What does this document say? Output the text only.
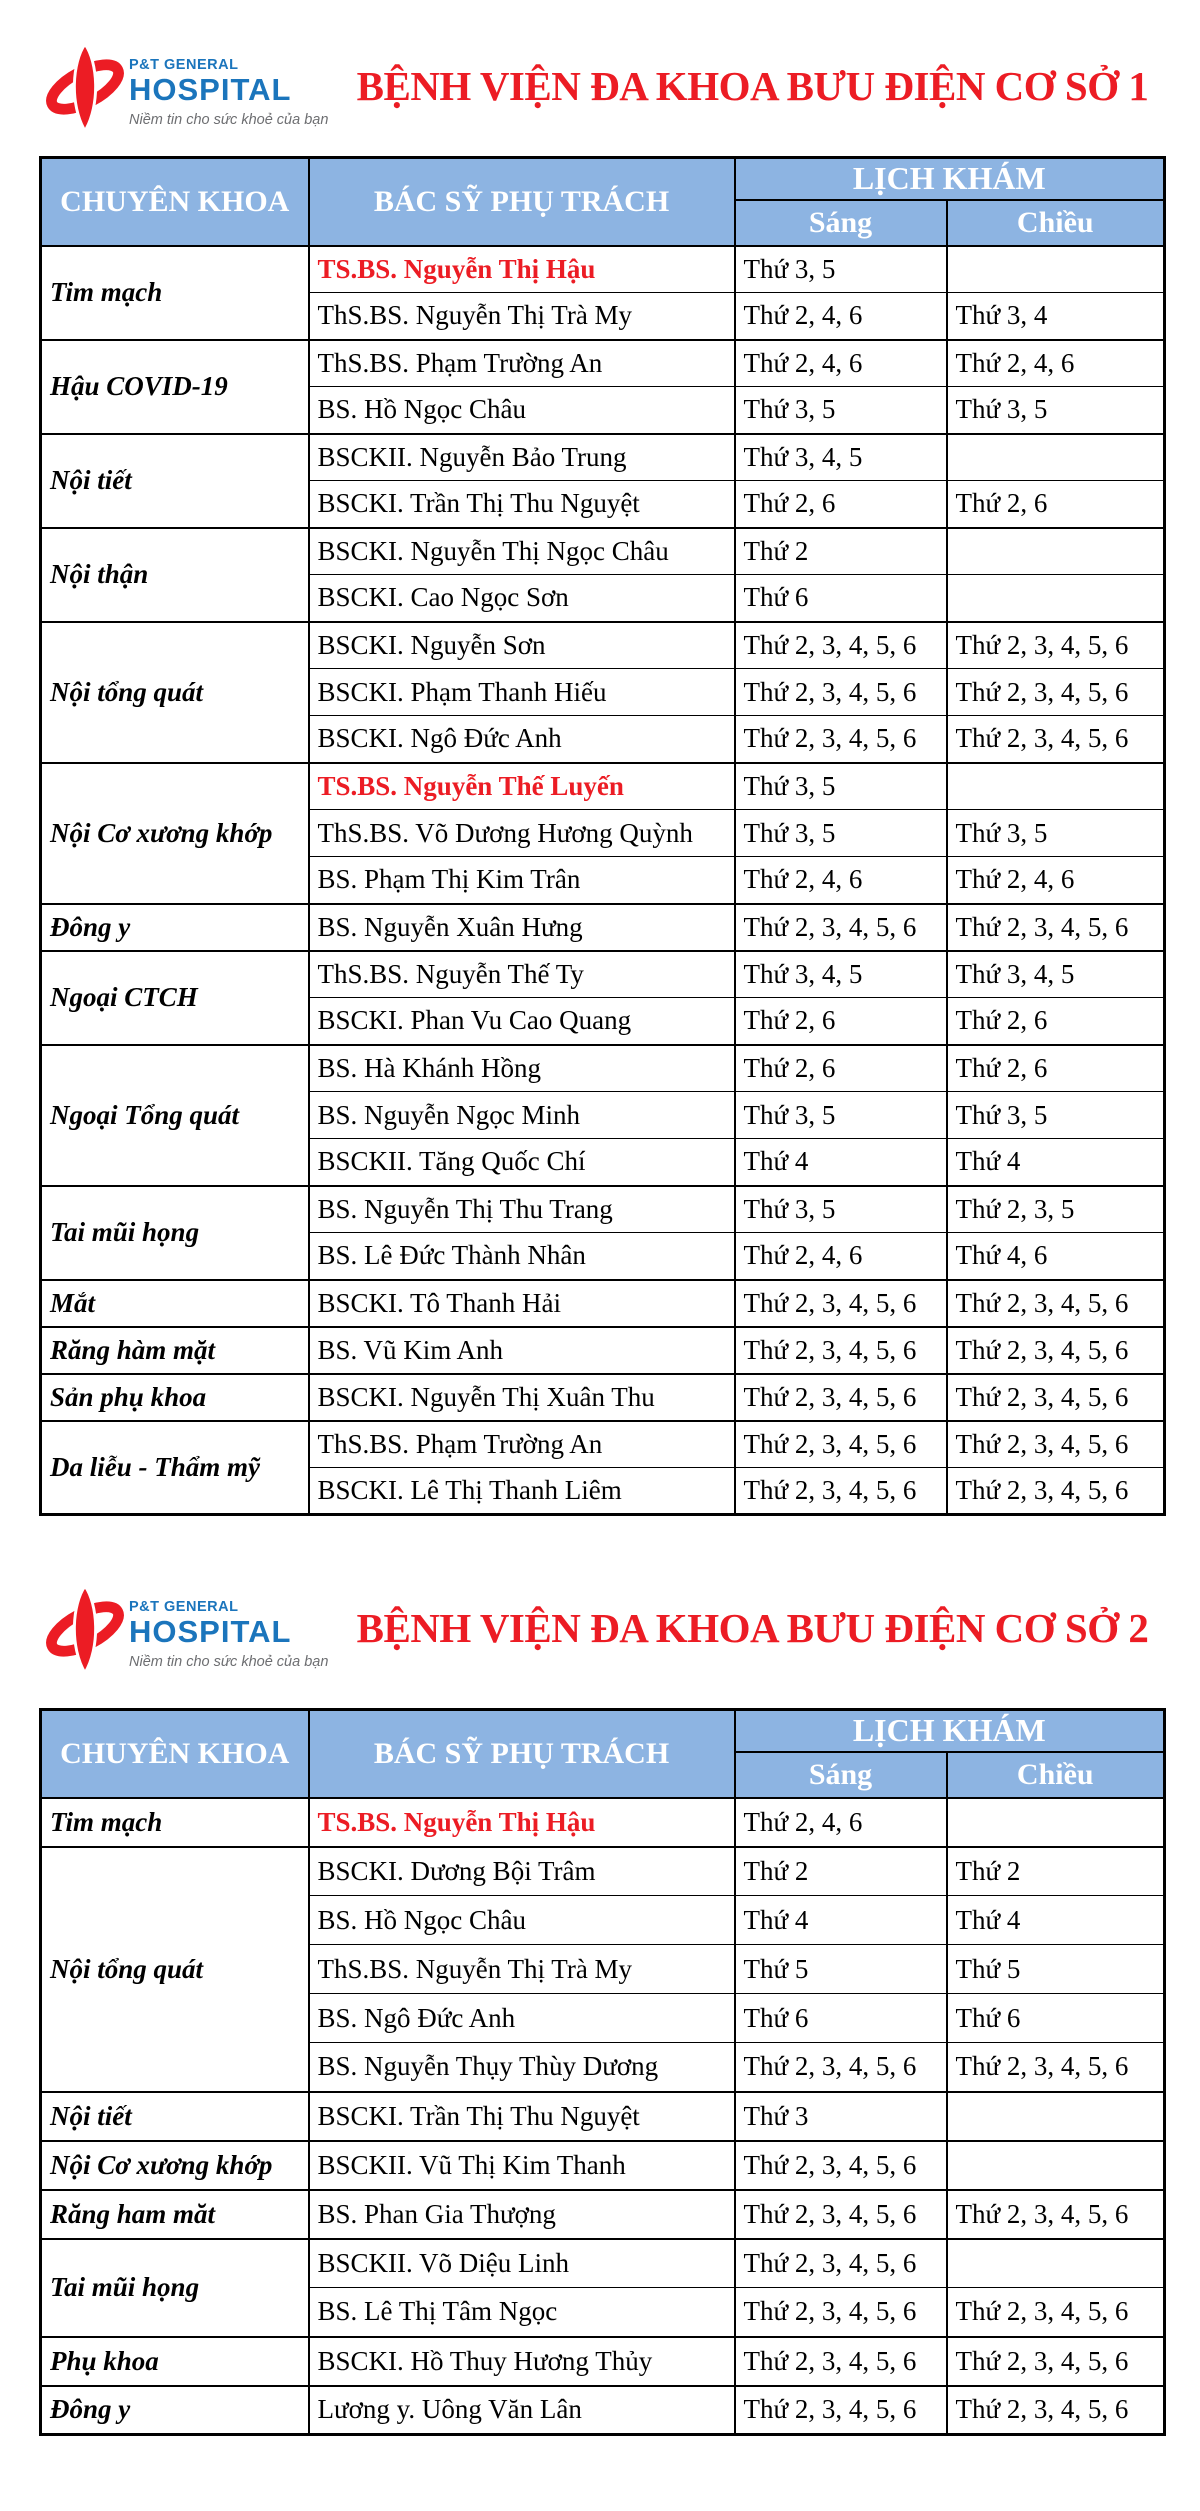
P&T GENERAL
HOSPITAL
Niềm tin cho sức khoẻ của bạn
BỆNH VIỆN ĐA KHOA BƯU ĐIỆN CƠ SỞ 1
CHUYÊN KHOA	BÁC SỸ PHỤ TRÁCH	LỊCH KHÁM	
		Sáng	Chiều
Tim mạch	TS.BS. Nguyễn Thị Hậu	Thứ 3, 5	
	ThS.BS. Nguyễn Thị Trà My	Thứ 2, 4, 6	Thứ 3, 4
Hậu COVID-19	ThS.BS. Phạm Trường An	Thứ 2, 4, 6	Thứ 2, 4, 6
	BS. Hồ Ngọc Châu	Thứ 3, 5	Thứ 3, 5
Nội tiết	BSCKII. Nguyễn Bảo Trung	Thứ 3, 4, 5	
	BSCKI. Trần Thị Thu Nguyệt	Thứ 2, 6	Thứ 2, 6
Nội thận	BSCKI. Nguyễn Thị Ngọc Châu	Thứ 2	
	BSCKI. Cao Ngọc Sơn	Thứ 6	
Nội tổng quát	BSCKI. Nguyễn Sơn	Thứ 2, 3, 4, 5, 6	Thứ 2, 3, 4, 5, 6
	BSCKI. Phạm Thanh Hiếu	Thứ 2, 3, 4, 5, 6	Thứ 2, 3, 4, 5, 6
	BSCKI. Ngô Đức Anh	Thứ 2, 3, 4, 5, 6	Thứ 2, 3, 4, 5, 6
Nội Cơ xương khớp	TS.BS. Nguyễn Thế Luyến	Thứ 3, 5	
	ThS.BS. Võ Dương Hương Quỳnh	Thứ 3, 5	Thứ 3, 5
	BS. Phạm Thị Kim Trân	Thứ 2, 4, 6	Thứ 2, 4, 6
Đông y	BS. Nguyễn Xuân Hưng	Thứ 2, 3, 4, 5, 6	Thứ 2, 3, 4, 5, 6
Ngoại CTCH	ThS.BS. Nguyễn Thế Ty	Thứ 3, 4, 5	Thứ 3, 4, 5
	BSCKI. Phan Vu Cao Quang	Thứ 2, 6	Thứ 2, 6
Ngoại Tổng quát	BS. Hà Khánh Hồng	Thứ 2, 6	Thứ 2, 6
	BS. Nguyễn Ngọc Minh	Thứ 3, 5	Thứ 3, 5
	BSCKII. Tăng Quốc Chí	Thứ 4	Thứ 4
Tai mũi họng	BS. Nguyễn Thị Thu Trang	Thứ 3, 5	Thứ 2, 3, 5
	BS. Lê Đức Thành Nhân	Thứ 2, 4, 6	Thứ 4, 6
Mắt	BSCKI. Tô Thanh Hải	Thứ 2, 3, 4, 5, 6	Thứ 2, 3, 4, 5, 6
Răng hàm mặt	BS. Vũ Kim Anh	Thứ 2, 3, 4, 5, 6	Thứ 2, 3, 4, 5, 6
Sản phụ khoa	BSCKI. Nguyễn Thị Xuân Thu	Thứ 2, 3, 4, 5, 6	Thứ 2, 3, 4, 5, 6
Da liễu - Thẩm mỹ	ThS.BS. Phạm Trường An	Thứ 2, 3, 4, 5, 6	Thứ 2, 3, 4, 5, 6
	BSCKI. Lê Thị Thanh Liêm	Thứ 2, 3, 4, 5, 6	Thứ 2, 3, 4, 5, 6
P&T GENERAL
HOSPITAL
Niềm tin cho sức khoẻ của bạn
BỆNH VIỆN ĐA KHOA BƯU ĐIỆN CƠ SỞ 2
CHUYÊN KHOA	BÁC SỸ PHỤ TRÁCH	LỊCH KHÁM	
		Sáng	Chiều
Tim mạch	TS.BS. Nguyễn Thị Hậu	Thứ 2, 4, 6	
Nội tổng quát	BSCKI. Dương Bội Trâm	Thứ 2	Thứ 2
	BS. Hồ Ngọc Châu	Thứ 4	Thứ 4
	ThS.BS. Nguyễn Thị Trà My	Thứ 5	Thứ 5
	BS. Ngô Đức Anh	Thứ 6	Thứ 6
	BS. Nguyễn Thụy Thùy Dương	Thứ 2, 3, 4, 5, 6	Thứ 2, 3, 4, 5, 6
Nội tiết	BSCKI. Trần Thị Thu Nguyệt	Thứ 3	
Nội Cơ xương khớp	BSCKII. Vũ Thị Kim Thanh	Thứ 2, 3, 4, 5, 6	
Răng ham măt	BS. Phan Gia Thượng	Thứ 2, 3, 4, 5, 6	Thứ 2, 3, 4, 5, 6
Tai mũi họng	BSCKII. Võ Diệu Linh	Thứ 2, 3, 4, 5, 6	
	BS. Lê Thị Tâm Ngọc	Thứ 2, 3, 4, 5, 6	Thứ 2, 3, 4, 5, 6
Phụ khoa	BSCKI. Hồ Thuy Hương Thủy	Thứ 2, 3, 4, 5, 6	Thứ 2, 3, 4, 5, 6
Đông y	Lương y. Uông Văn Lân	Thứ 2, 3, 4, 5, 6	Thứ 2, 3, 4, 5, 6
